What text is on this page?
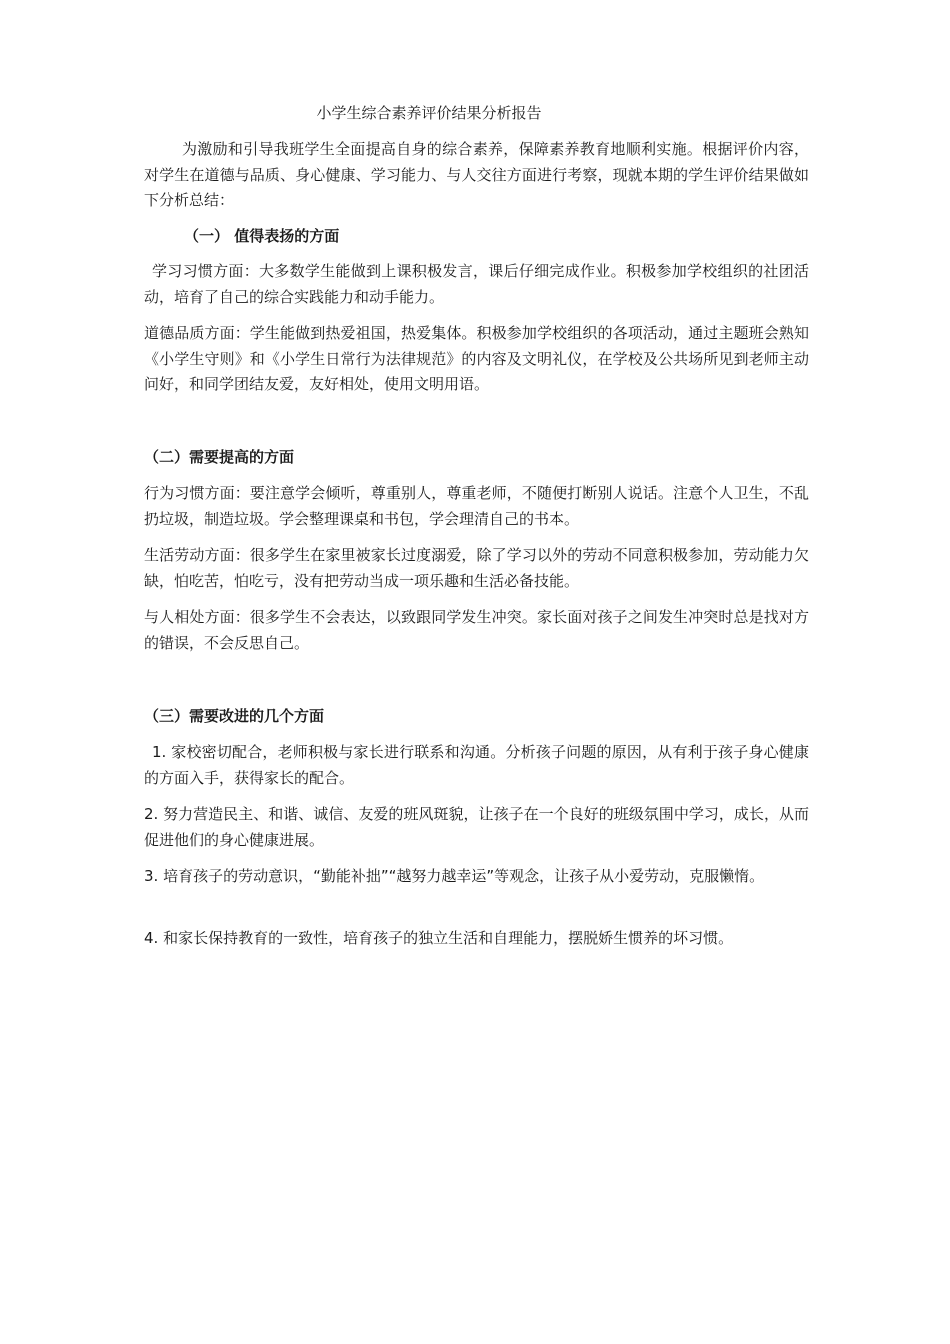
小学生综合素养评价结果分析报告

为激励和引导我班学生全面提高自身的综合素养，保障素养教育地顺利实施。根据评价内容，对学生在道德与品质、身心健康、学习能力、与人交往方面进行考察，现就本期的学生评价结果做如下分析总结：

（一） 值得表扬的方面

学习习惯方面：大多数学生能做到上课积极发言，课后仔细完成作业。积极参加学校组织的社团活动，培育了自己的综合实践能力和动手能力。

道德品质方面：学生能做到热爱祖国，热爱集体。积极参加学校组织的各项活动，通过主题班会熟知《小学生守则》和《小学生日常行为法律规范》的内容及文明礼仪，在学校及公共场所见到老师主动问好，和同学团结友爱，友好相处，使用文明用语。

（二）需要提高的方面

行为习惯方面：要注意学会倾听，尊重别人，尊重老师，不随便打断别人说话。注意个人卫生，不乱扔垃圾，制造垃圾。学会整理课桌和书包，学会理清自己的书本。

生活劳动方面：很多学生在家里被家长过度溺爱，除了学习以外的劳动不同意积极参加，劳动能力欠缺，怕吃苦，怕吃亏，没有把劳动当成一项乐趣和生活必备技能。

与人相处方面：很多学生不会表达，以致跟同学发生冲突。家长面对孩子之间发生冲突时总是找对方的错误，不会反思自己。

（三）需要改进的几个方面

1. 家校密切配合，老师积极与家长进行联系和沟通。分析孩子问题的原因，从有利于孩子身心健康的方面入手，获得家长的配合。

2. 努力营造民主、和谐、诚信、友爱的班风斑貌，让孩子在一个良好的班级氛围中学习，成长，从而促进他们的身心健康进展。

3. 培育孩子的劳动意识，“勤能补拙”“越努力越幸运”等观念，让孩子从小爱劳动，克服懒惰。

4. 和家长保持教育的一致性，培育孩子的独立生活和自理能力，摆脱娇生惯养的坏习惯。
